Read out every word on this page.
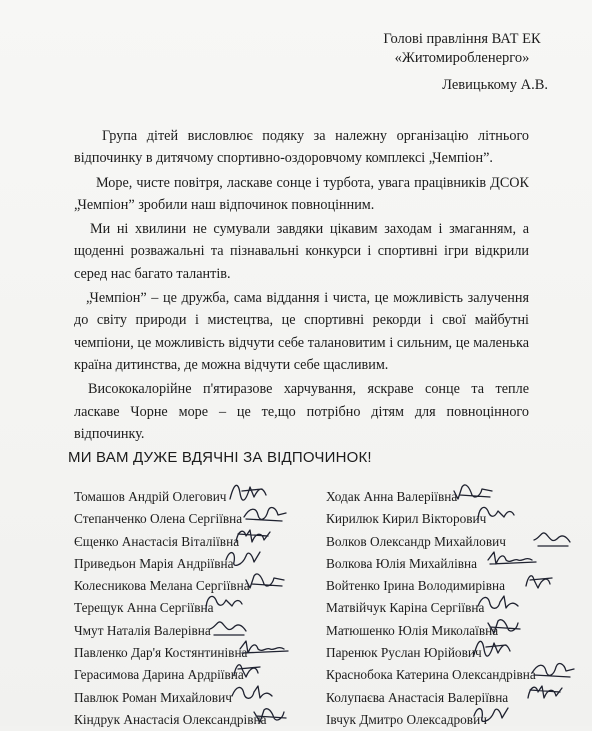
Голові правління ВАТ ЕК
«Житомиробленерго»
Левицькому А.В.

Група дітей висловлює подяку за належну організацію літнього відпочинку в дитячому спортивно-оздоровчому комплексі „Чемпіон”.

Море, чисте повітря, ласкаве сонце і турбота, увага працівників ДСОК „Чемпіон” зробили наш відпочинок повноцінним.

Ми ні хвилини не сумували завдяки цікавим заходам і змаганням, а щоденні розважальні та пізнавальні конкурси і спортивні ігри відкрили серед нас багато талантів.

„Чемпіон” – це дружба, сама віддання і чиста, це можливість залучення до світу природи і мистецтва, це спортивні рекорди і свої майбутні чемпіони, це можливість відчути себе талановитим і сильним, це маленька країна дитинства, де можна відчути себе щасливим.

Висококалорійне п'ятиразове харчування, яскраве сонце та тепле ласкаве Чорне море – це те,що потрібно дітям для повноцінного відпочинку.

МИ ВАМ ДУЖЕ ВДЯЧНІ ЗА ВІДПОЧИНОК!
Томашов Андрій Олегович
Степанченко Олена Сергіївна
Єщенко Анастасія Віталіївна
Приведьон Марія Андріївна
Колесникова Мелана Сергіївна
Терещук Анна Сергіївна
Чмут Наталія Валерівна
Павленко Дар'я Костянтинівна
Герасимова Дарина Ардріївна
Павлюк Роман Михайлович
Кіндрук Анастасія Олександрівна
Ходак Анна Валеріївна
Кирилюк Кирил Вікторович
Волков Олександр Михайлович
Волкова Юлія Михайлівна
Войтенко Ірина Володимирівна
Матвійчук Каріна Сергіївна
Матюшенко Юлія Миколаївна
Паренюк Руслан Юрійович
Краснобока Катерина Олександрівна
Колупаєва Анастасія Валеріївна
Івчук Дмитро Олексадрович
